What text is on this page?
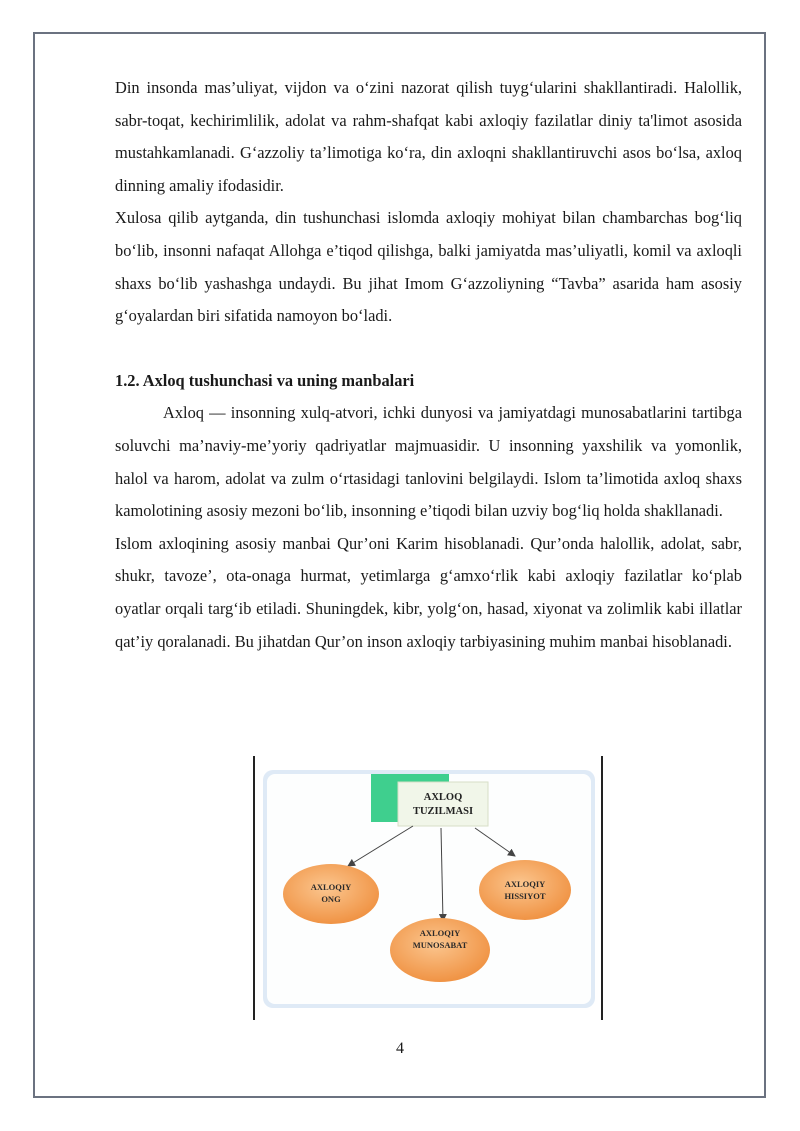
Din insonda mas’uliyat, vijdon va o‘zini nazorat qilish tuyg‘ularini shakllantiradi. Halollik, sabr-toqat, kechirimlilik, adolat va rahm-shafqat kabi axloqiy fazilatlar diniy ta'limot asosida mustahkamlanadi. G‘azzoliy ta’limotiga ko‘ra, din axloqni shakllantiruvchi asos bo‘lsa, axloq dinning amaliy ifodasidir.

Xulosa qilib aytganda, din tushunchasi islomda axloqiy mohiyat bilan chambarchas bog‘liq bo‘lib, insonni nafaqat Allohga e’tiqod qilishga, balki jamiyatda mas’uliyatli, komil va axloqli shaxs bo‘lib yashashga undaydi. Bu jihat Imom G‘azzoliyning “Tavba” asarida ham asosiy g‘oyalardan biri sifatida namoyon bo‘ladi.

1.2. Axloq tushunchasi va uning manbalari

Axloq — insonning xulq-atvori, ichki dunyosi va jamiyatdagi munosabatlarini tartibga soluvchi ma’naviy-me’yoriy qadriyatlar majmuasidir. U insonning yaxshilik va yomonlik, halol va harom, adolat va zulm o‘rtasidagi tanlovini belgilaydi. Islom ta’limotida axloq shaxs kamolotining asosiy mezoni bo‘lib, insonning e’tiqodi bilan uzviy bog‘liq holda shakllanadi.

Islom axloqining asosiy manbai Qur’oni Karim hisoblanadi. Qur’onda halollik, adolat, sabr, shukr, tavoze’, ota-onaga hurmat, yetimlarga g‘amxo‘rlik kabi axloqiy fazilatlar ko‘plab oyatlar orqali targ‘ib etiladi. Shuningdek, kibr, yolg‘on, hasad, xiyonat va zolimlik kabi illatlar qat’iy qoralanadi. Bu jihatdan Qur’on inson axloqiy tarbiyasining muhim manbai hisoblanadi.

AXLOQ
TUZILMASI
AXLOQIY
ONG
AXLOQIY
HISSIYOT
AXLOQIY
MUNOSABAT
4
